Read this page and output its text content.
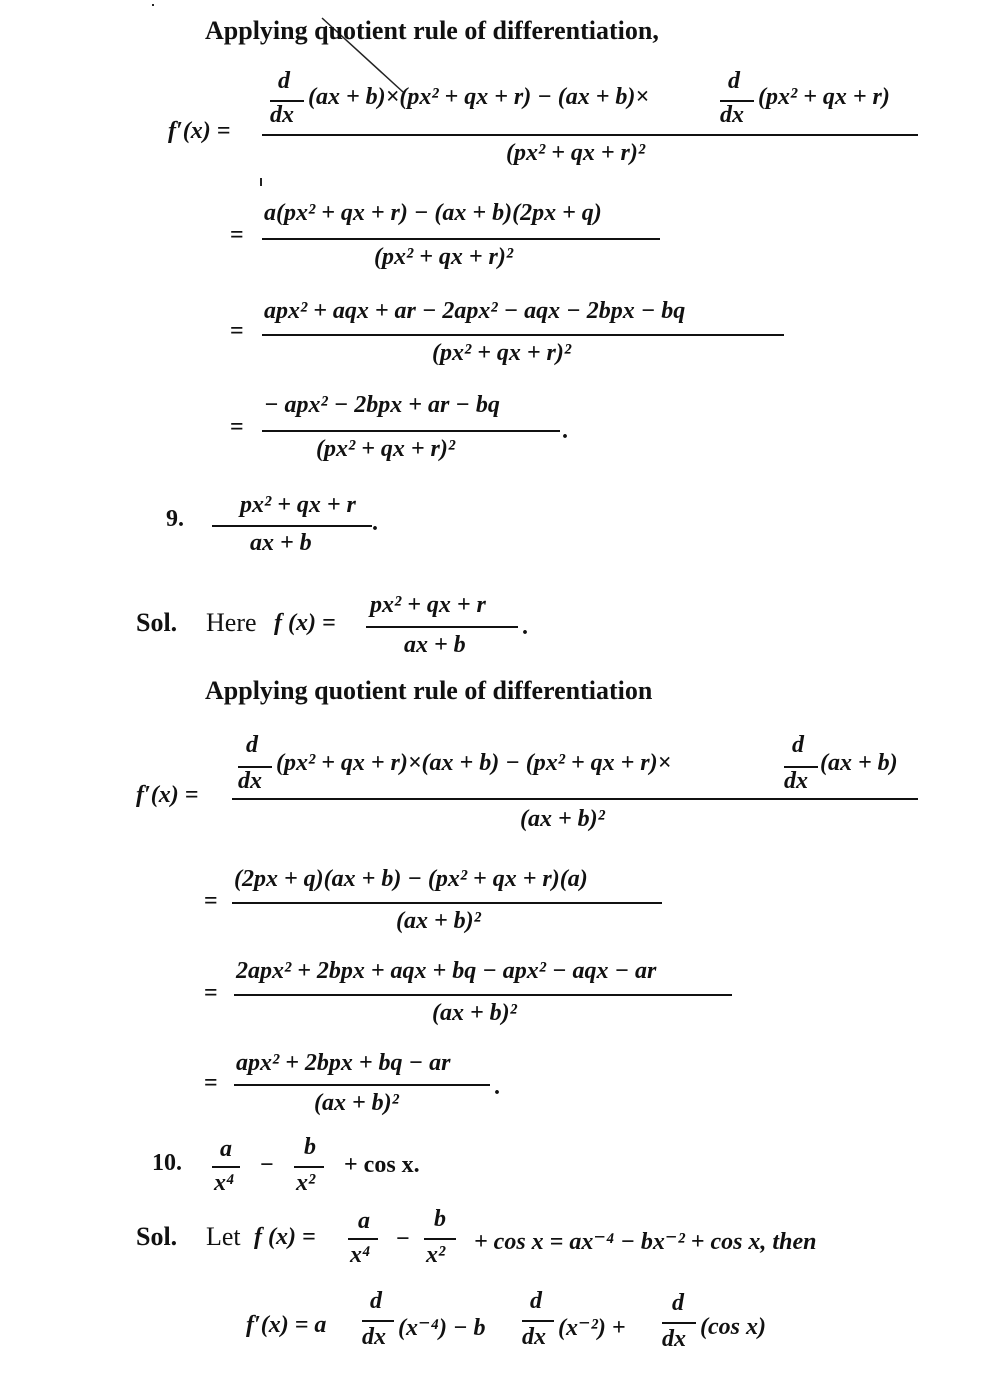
Applying quotient rule of differentiation,
f′(x) =
d
dx
(ax + b)×(px² + qx + r) − (ax + b)×
d
dx
(px² + qx + r)
(px² + qx + r)²
=
a(px² + qx + r) − (ax + b)(2px + q)
(px² + qx + r)²
=
apx² + aqx + ar − 2apx² − aqx − 2bpx − bq
(px² + qx + r)²
=
− apx² − 2bpx + ar − bq
(px² + qx + r)²
.
9.
px² + qx + r
ax + b
.
Sol. Here f (x) =
px² + qx + r
ax + b
.
Applying quotient rule of differentiation
f′(x) =
d
dx
(px² + qx + r)×(ax + b) − (px² + qx + r)×
d
dx
(ax + b)
(ax + b)²
=
(2px + q)(ax + b) − (px² + qx + r)(a)
(ax + b)²
=
2apx² + 2bpx + aqx + bq − apx² − aqx − ar
(ax + b)²
=
apx² + 2bpx + bq − ar
(ax + b)²
.
10.
a
x⁴
−
b
x²
+ cos x.
Sol. Let f (x) =
a
x⁴
−
b
x² + cos x = ax⁻⁴ − bx⁻² + cos x, then
f′(x) = a
d
dx (x⁻⁴) − b
d
dx (x⁻²) +
d
dx (cos x)
